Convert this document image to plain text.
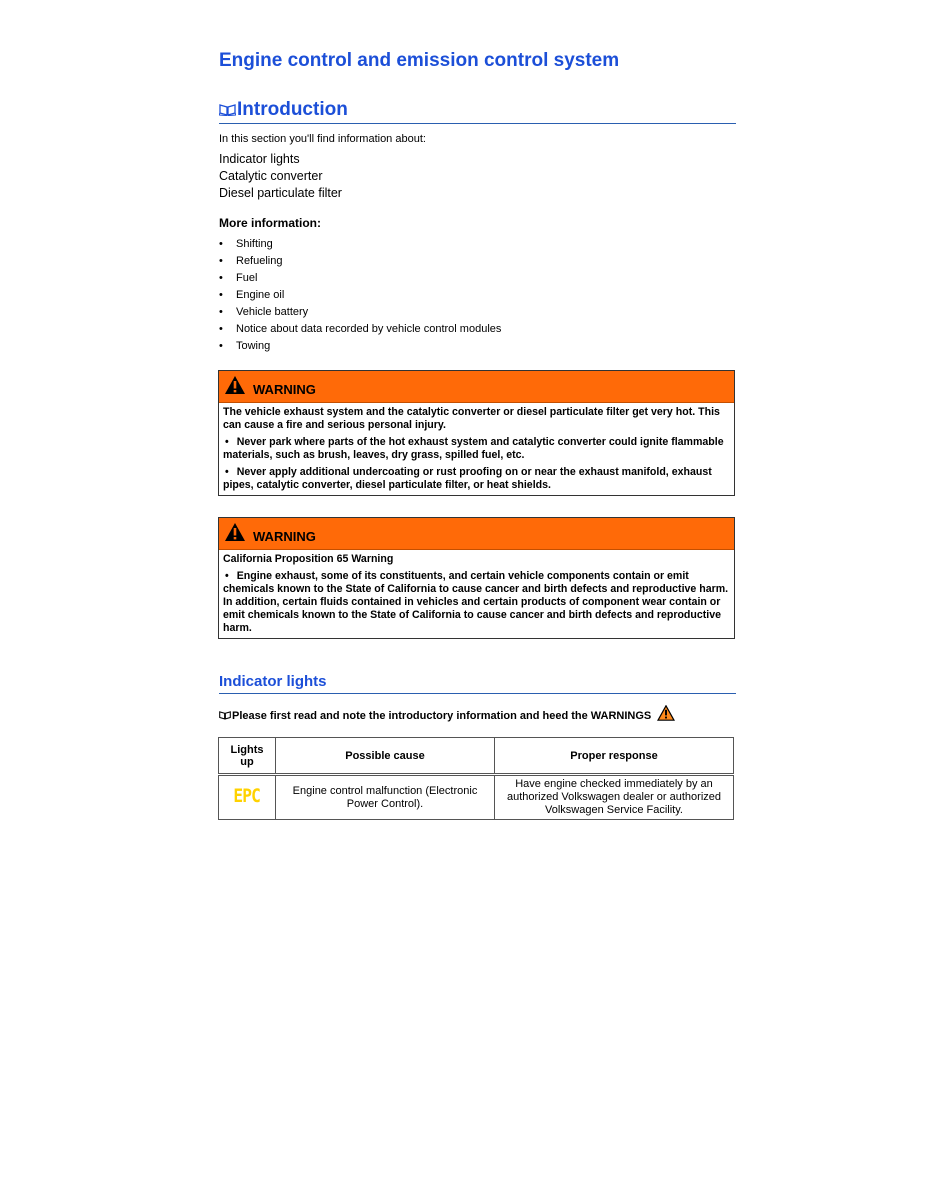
Engine control and emission control system
Introduction
In this section you'll find information about:
Indicator lights
Catalytic converter
Diesel particulate filter
More information:
• Shifting
• Refueling
• Fuel
• Engine oil
• Vehicle battery
• Notice about data recorded by vehicle control modules
• Towing
WARNING

The vehicle exhaust system and the catalytic converter or diesel particulate filter get very hot. This can cause a fire and serious personal injury.

• Never park where parts of the hot exhaust system and catalytic converter could ignite flammable materials, such as brush, leaves, dry grass, spilled fuel, etc.

• Never apply additional undercoating or rust proofing on or near the exhaust manifold, exhaust pipes, catalytic converter, diesel particulate filter, or heat shields.

WARNING

California Proposition 65 Warning

• Engine exhaust, some of its constituents, and certain vehicle components contain or emit chemicals known to the State of California to cause cancer and birth defects and reproductive harm. In addition, certain fluids contained in vehicles and certain products of component wear contain or emit chemicals known to the State of California to cause cancer and birth defects and reproductive harm.

Indicator lights
Please first read and note the introductory information and heed the WARNINGS
Lights up	Possible cause	Proper response
EPC	Engine control malfunction (Electronic Power Control).	Have engine checked immediately by an authorized Volkswagen dealer or authorized Volkswagen Service Facility.
